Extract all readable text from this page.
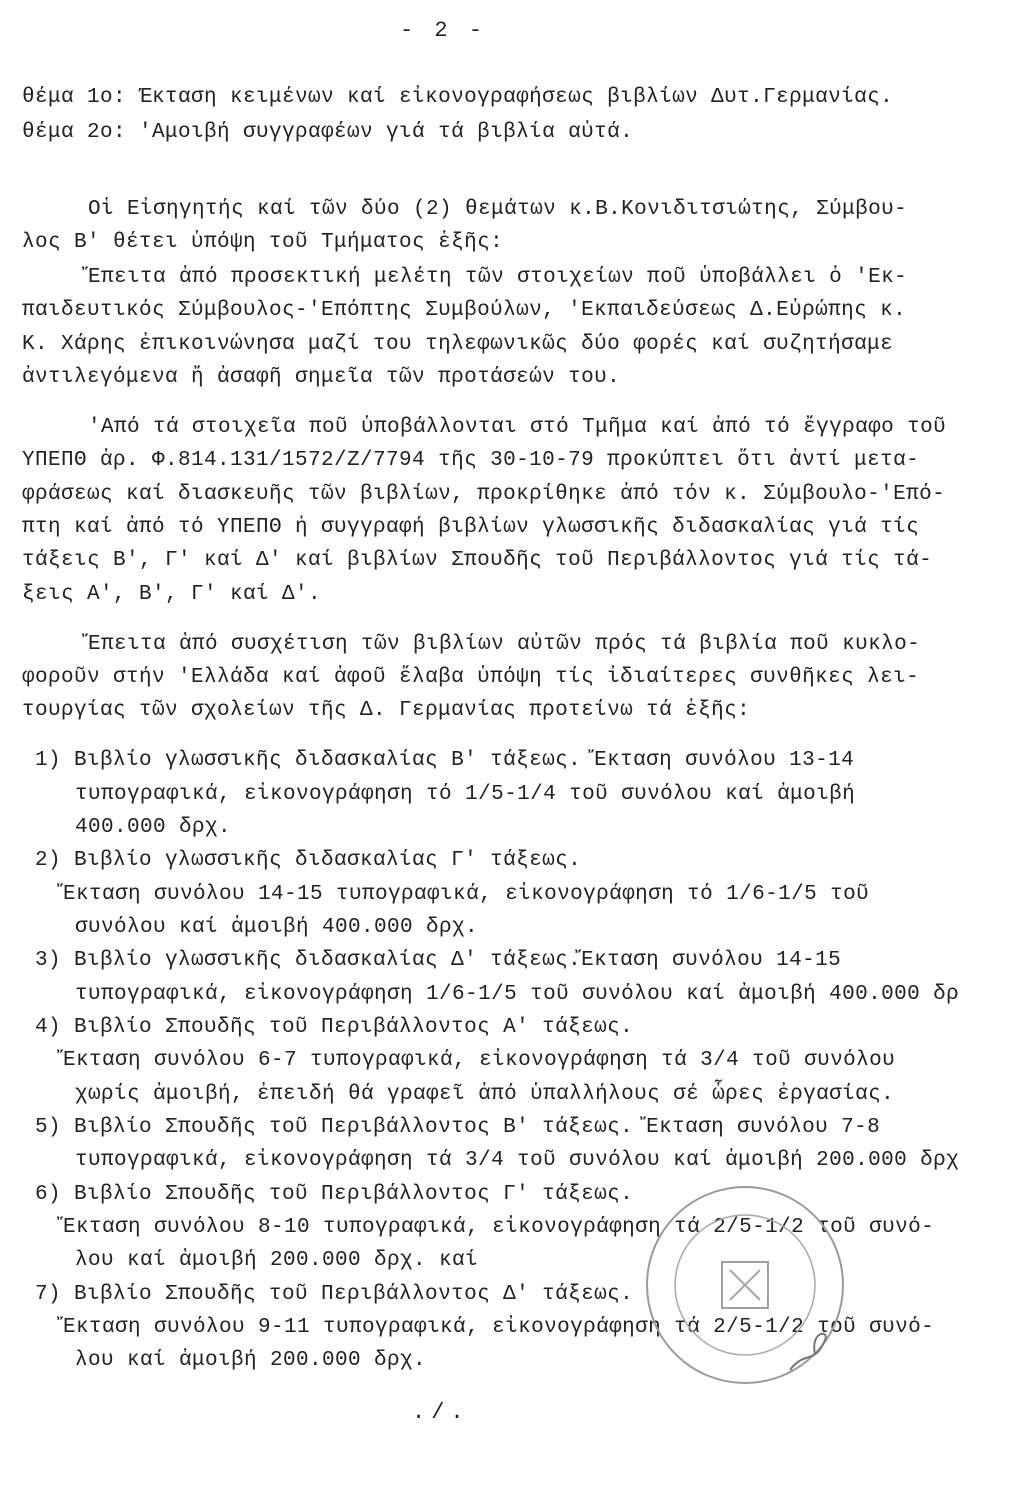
- 2 -
θέμα 1ο: Έκταση κειμένων καί εἰκονογραφήσεως βιβλίων Δυτ.Γερμανίας.
θέμα 2ο: 'Αμοιβή συγγραφέων γιά τά βιβλία αὐτά.
Οἱ Εἰσηγητής καί τῶν δύο (2) θεμάτων κ.Β.Κονιδιτσιώτης, Σύμβου-
λος Β' θέτει ὑπόψη τοῦ Τμήματος ἑξῆς:
Ἔπειτα ἀπό προσεκτική μελέτη τῶν στοιχείων ποῦ ὑποβάλλει ὁ 'Εκ-
παιδευτικός Σύμβουλος-'Επόπτης Συμβούλων, 'Εκπαιδεύσεως Δ.Εὐρώπης κ.
Κ. Χάρης ἐπικοινώνησα μαζί του τηλεφωνικῶς δύο φορές καί συζητήσαμε
ἀντιλεγόμενα ἤ ἀσαφῆ σημεῖα τῶν προτάσεών του.
'Από τά στοιχεῖα ποῦ ὑποβάλλονται στό Τμῆμα καί ἀπό τό ἔγγραφο τοῦ
ΥΠΕΠΘ ἀρ. Φ.814.131/1572/Ζ/7794 τῆς 30-10-79 προκύπτει ὅτι ἀντί μετα-
φράσεως καί διασκευῆς τῶν βιβλίων, προκρίθηκε ἀπό τόν κ. Σύμβουλο-'Επό-
πτη καί ἀπό τό ΥΠΕΠΘ ἡ συγγραφή βιβλίων γλωσσικῆς διδασκαλίας γιά τίς
τάξεις Β', Γ' καί Δ' καί βιβλίων Σπουδῆς τοῦ Περιβάλλοντος γιά τίς τά-
ξεις Α', Β', Γ' καί Δ'.
Ἔπειτα ἀπό συσχέτιση τῶν βιβλίων αὐτῶν πρός τά βιβλία ποῦ κυκλο-
φοροῦν στήν 'Ελλάδα καί ἀφοῦ ἔλαβα ὑπόψη τίς ἰδιαίτερες συνθῆκες λει-
τουργίας τῶν σχολείων τῆς Δ. Γερμανίας προτείνω τά ἑξῆς:
1) Βιβλίο γλωσσικῆς διδασκαλίας Β' τάξεως. Ἔκταση συνόλου 13-14
τυπογραφικά, εἰκονογράφηση τό 1/5-1/4 τοῦ συνόλου καί ἀμοιβή
400.000 δρχ.
2) Βιβλίο γλωσσικῆς διδασκαλίας Γ' τάξεως.
Ἔκταση συνόλου 14-15 τυπογραφικά, εἰκονογράφηση τό 1/6-1/5 τοῦ
συνόλου καί ἀμοιβή 400.000 δρχ.
3) Βιβλίο γλωσσικῆς διδασκαλίας Δ' τάξεως.Ἔκταση συνόλου 14-15
τυπογραφικά, εἰκονογράφηση 1/6-1/5 τοῦ συνόλου καί ἀμοιβή 400.000 δρ
4) Βιβλίο Σπουδῆς τοῦ Περιβάλλοντος Α' τάξεως.
Ἔκταση συνόλου 6-7 τυπογραφικά, εἰκονογράφηση τά 3/4 τοῦ συνόλου
χωρίς ἀμοιβή, ἐπειδή θά γραφεῖ ἀπό ὑπαλλήλους σέ ὧρες ἐργασίας.
5) Βιβλίο Σπουδῆς τοῦ Περιβάλλοντος Β' τάξεως. Ἔκταση συνόλου 7-8
τυπογραφικά, εἰκονογράφηση τά 3/4 τοῦ συνόλου καί ἀμοιβή 200.000 δρχ
6) Βιβλίο Σπουδῆς τοῦ Περιβάλλοντος Γ' τάξεως.
Ἔκταση συνόλου 8-10 τυπογραφικά, εἰκονογράφηση τά 2/5-1/2 τοῦ συνό-
λου καί ἀμοιβή 200.000 δρχ. καί
7) Βιβλίο Σπουδῆς τοῦ Περιβάλλοντος Δ' τάξεως.
Ἔκταση συνόλου 9-11 τυπογραφικά, εἰκονογράφηση τά 2/5-1/2 τοῦ συνό-
λου καί ἀμοιβή 200.000 δρχ.
./.
